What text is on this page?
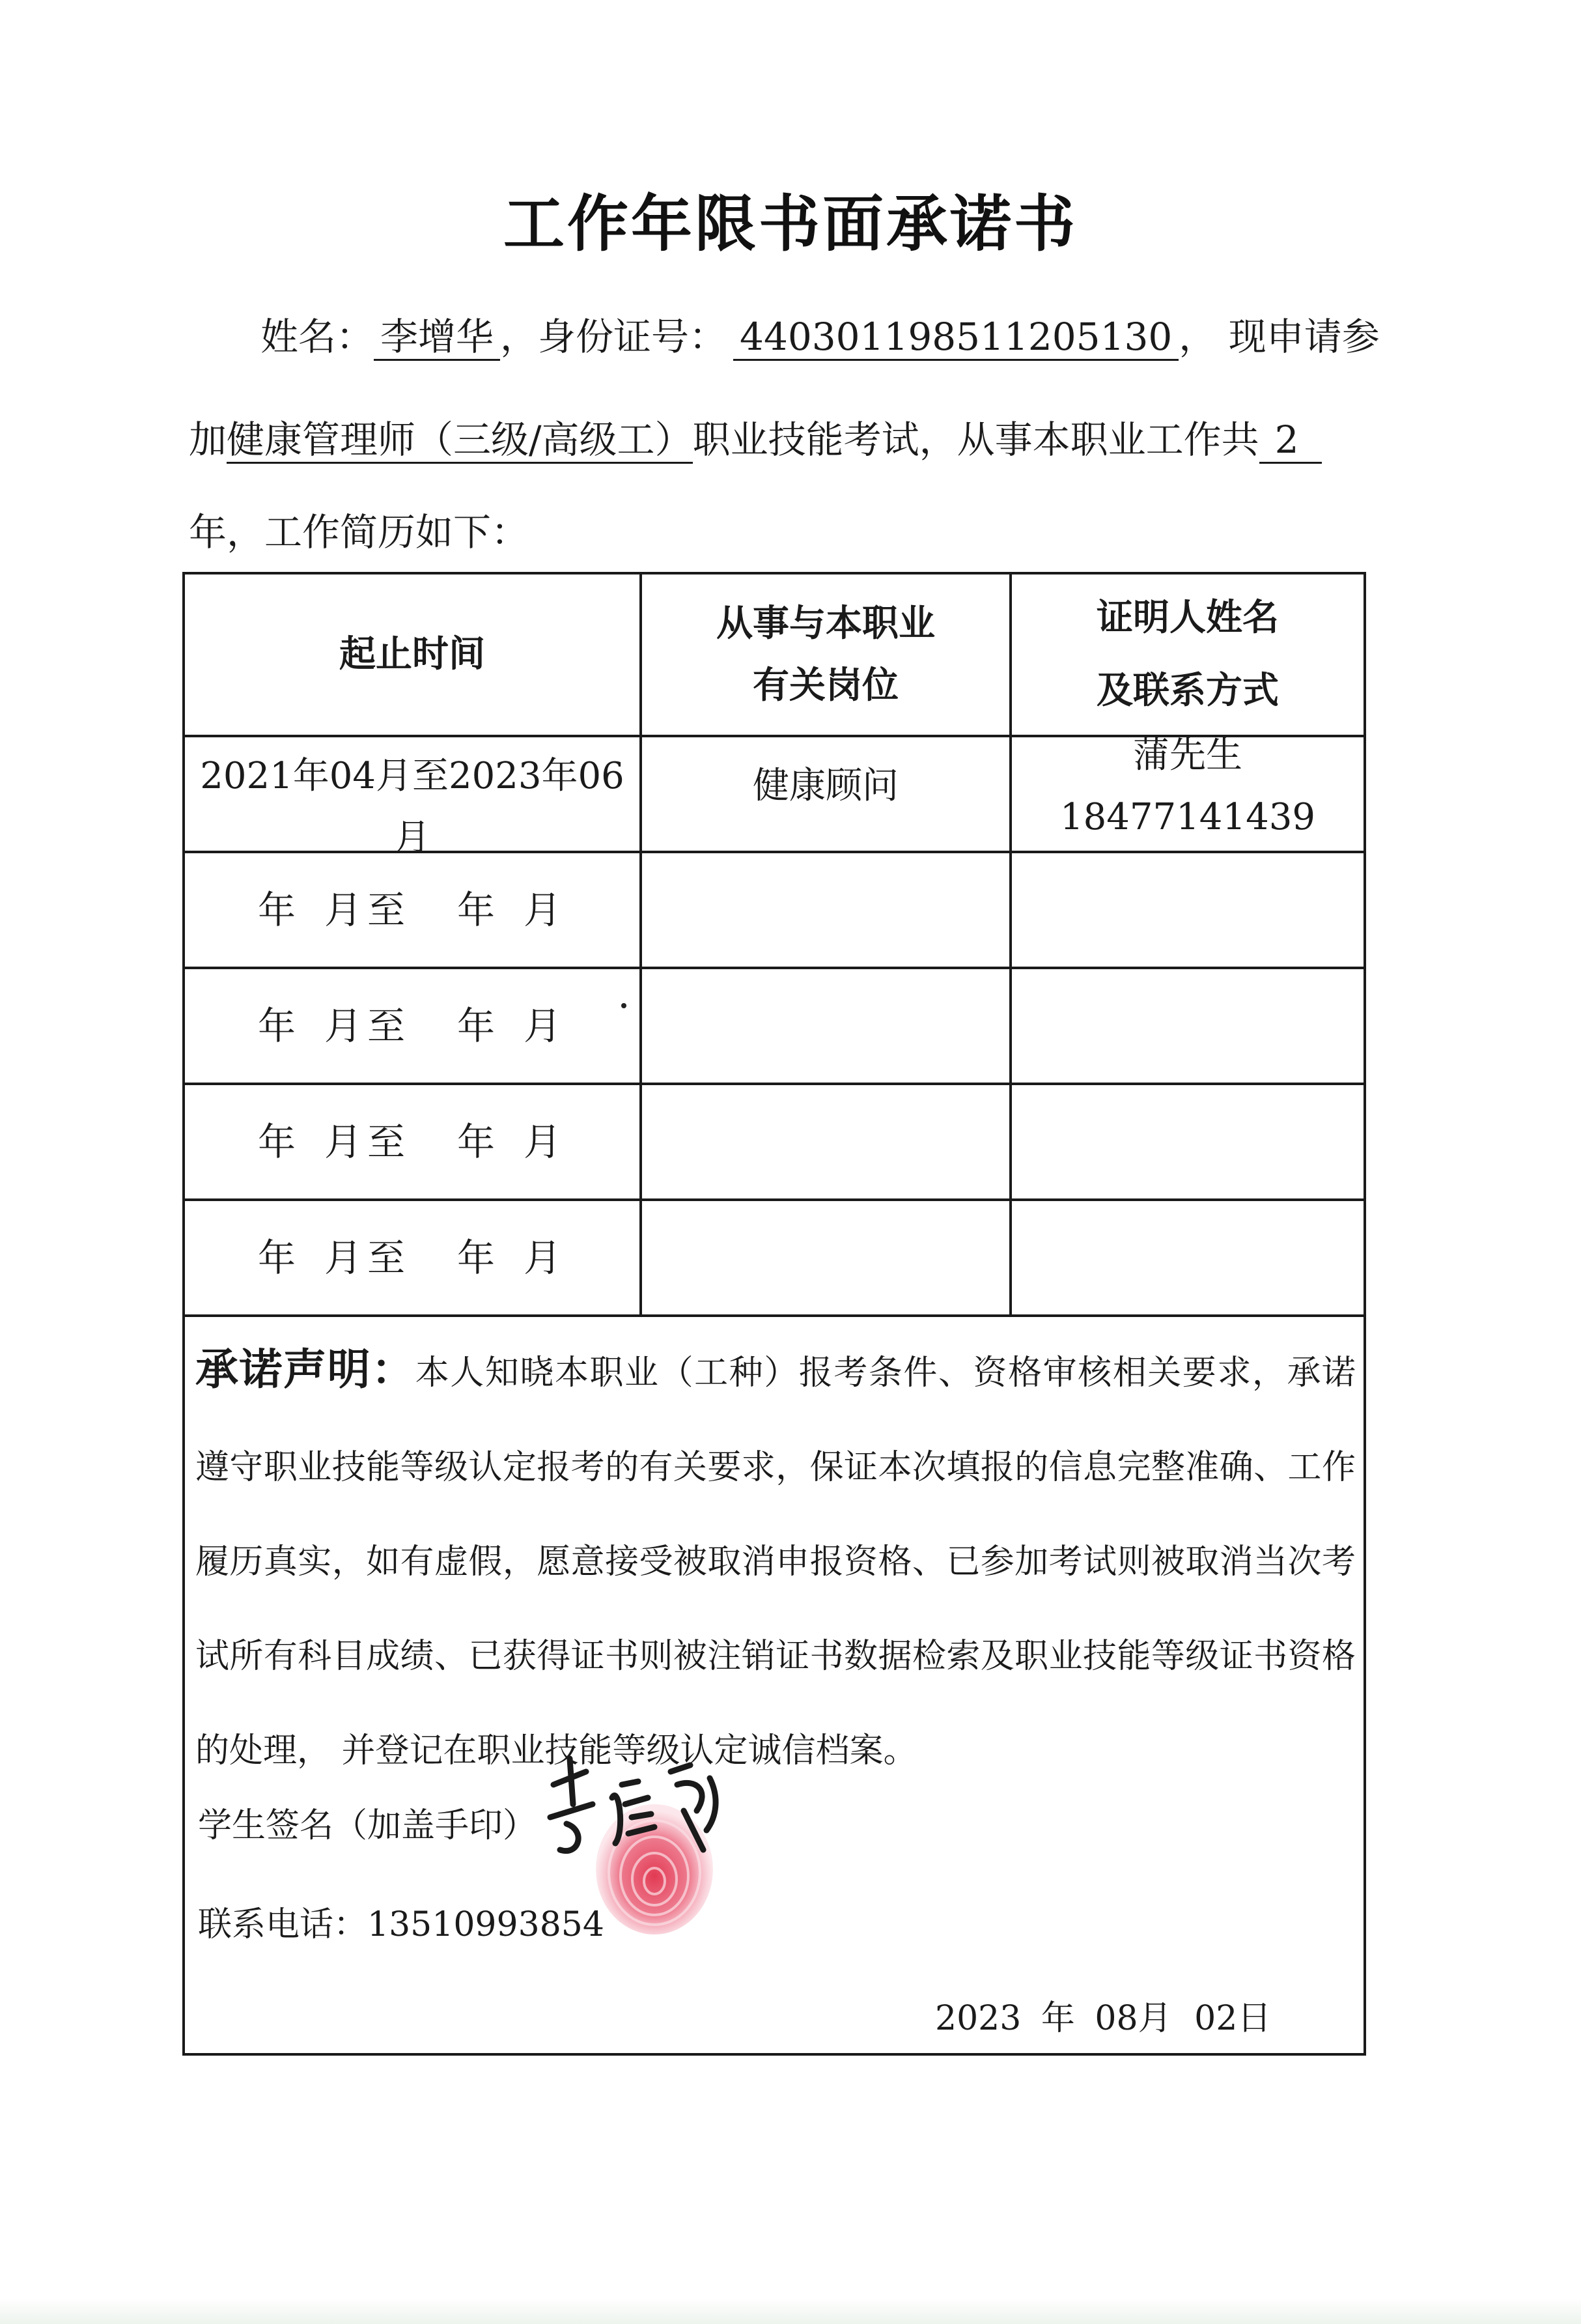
工作年限书面承诺书
姓名： 李增华 ，身份证号： 440301198511205130 ， 现申请参
加健康管理师（三级/高级工）职业技能考试，从事本职业工作共 2
年，工作简历如下：
起止时间
从事与本职业
有关岗位
证明人姓名
及联系方式
2021年04月至2023年06月
健康顾问
蒲先生18477141439
年 月至 年 月
年 月至 年 月
年 月至 年 月
年 月至 年 月
承诺声明：本人知晓本职业（工种）报考条件、资格审核相关要求，承诺遵守职业技能等级认定报考的有关要求，保证本次填报的信息完整准确、工作履历真实，如有虚假，愿意接受被取消申报资格、已参加考试则被取消当次考试所有科目成绩、已获得证书则被注销证书数据检索及职业技能等级证书资格的处理， 并登记在职业技能等级认定诚信档案。
学生签名（加盖手印）
联系电话：13510993854
2023 年 08月 02日
